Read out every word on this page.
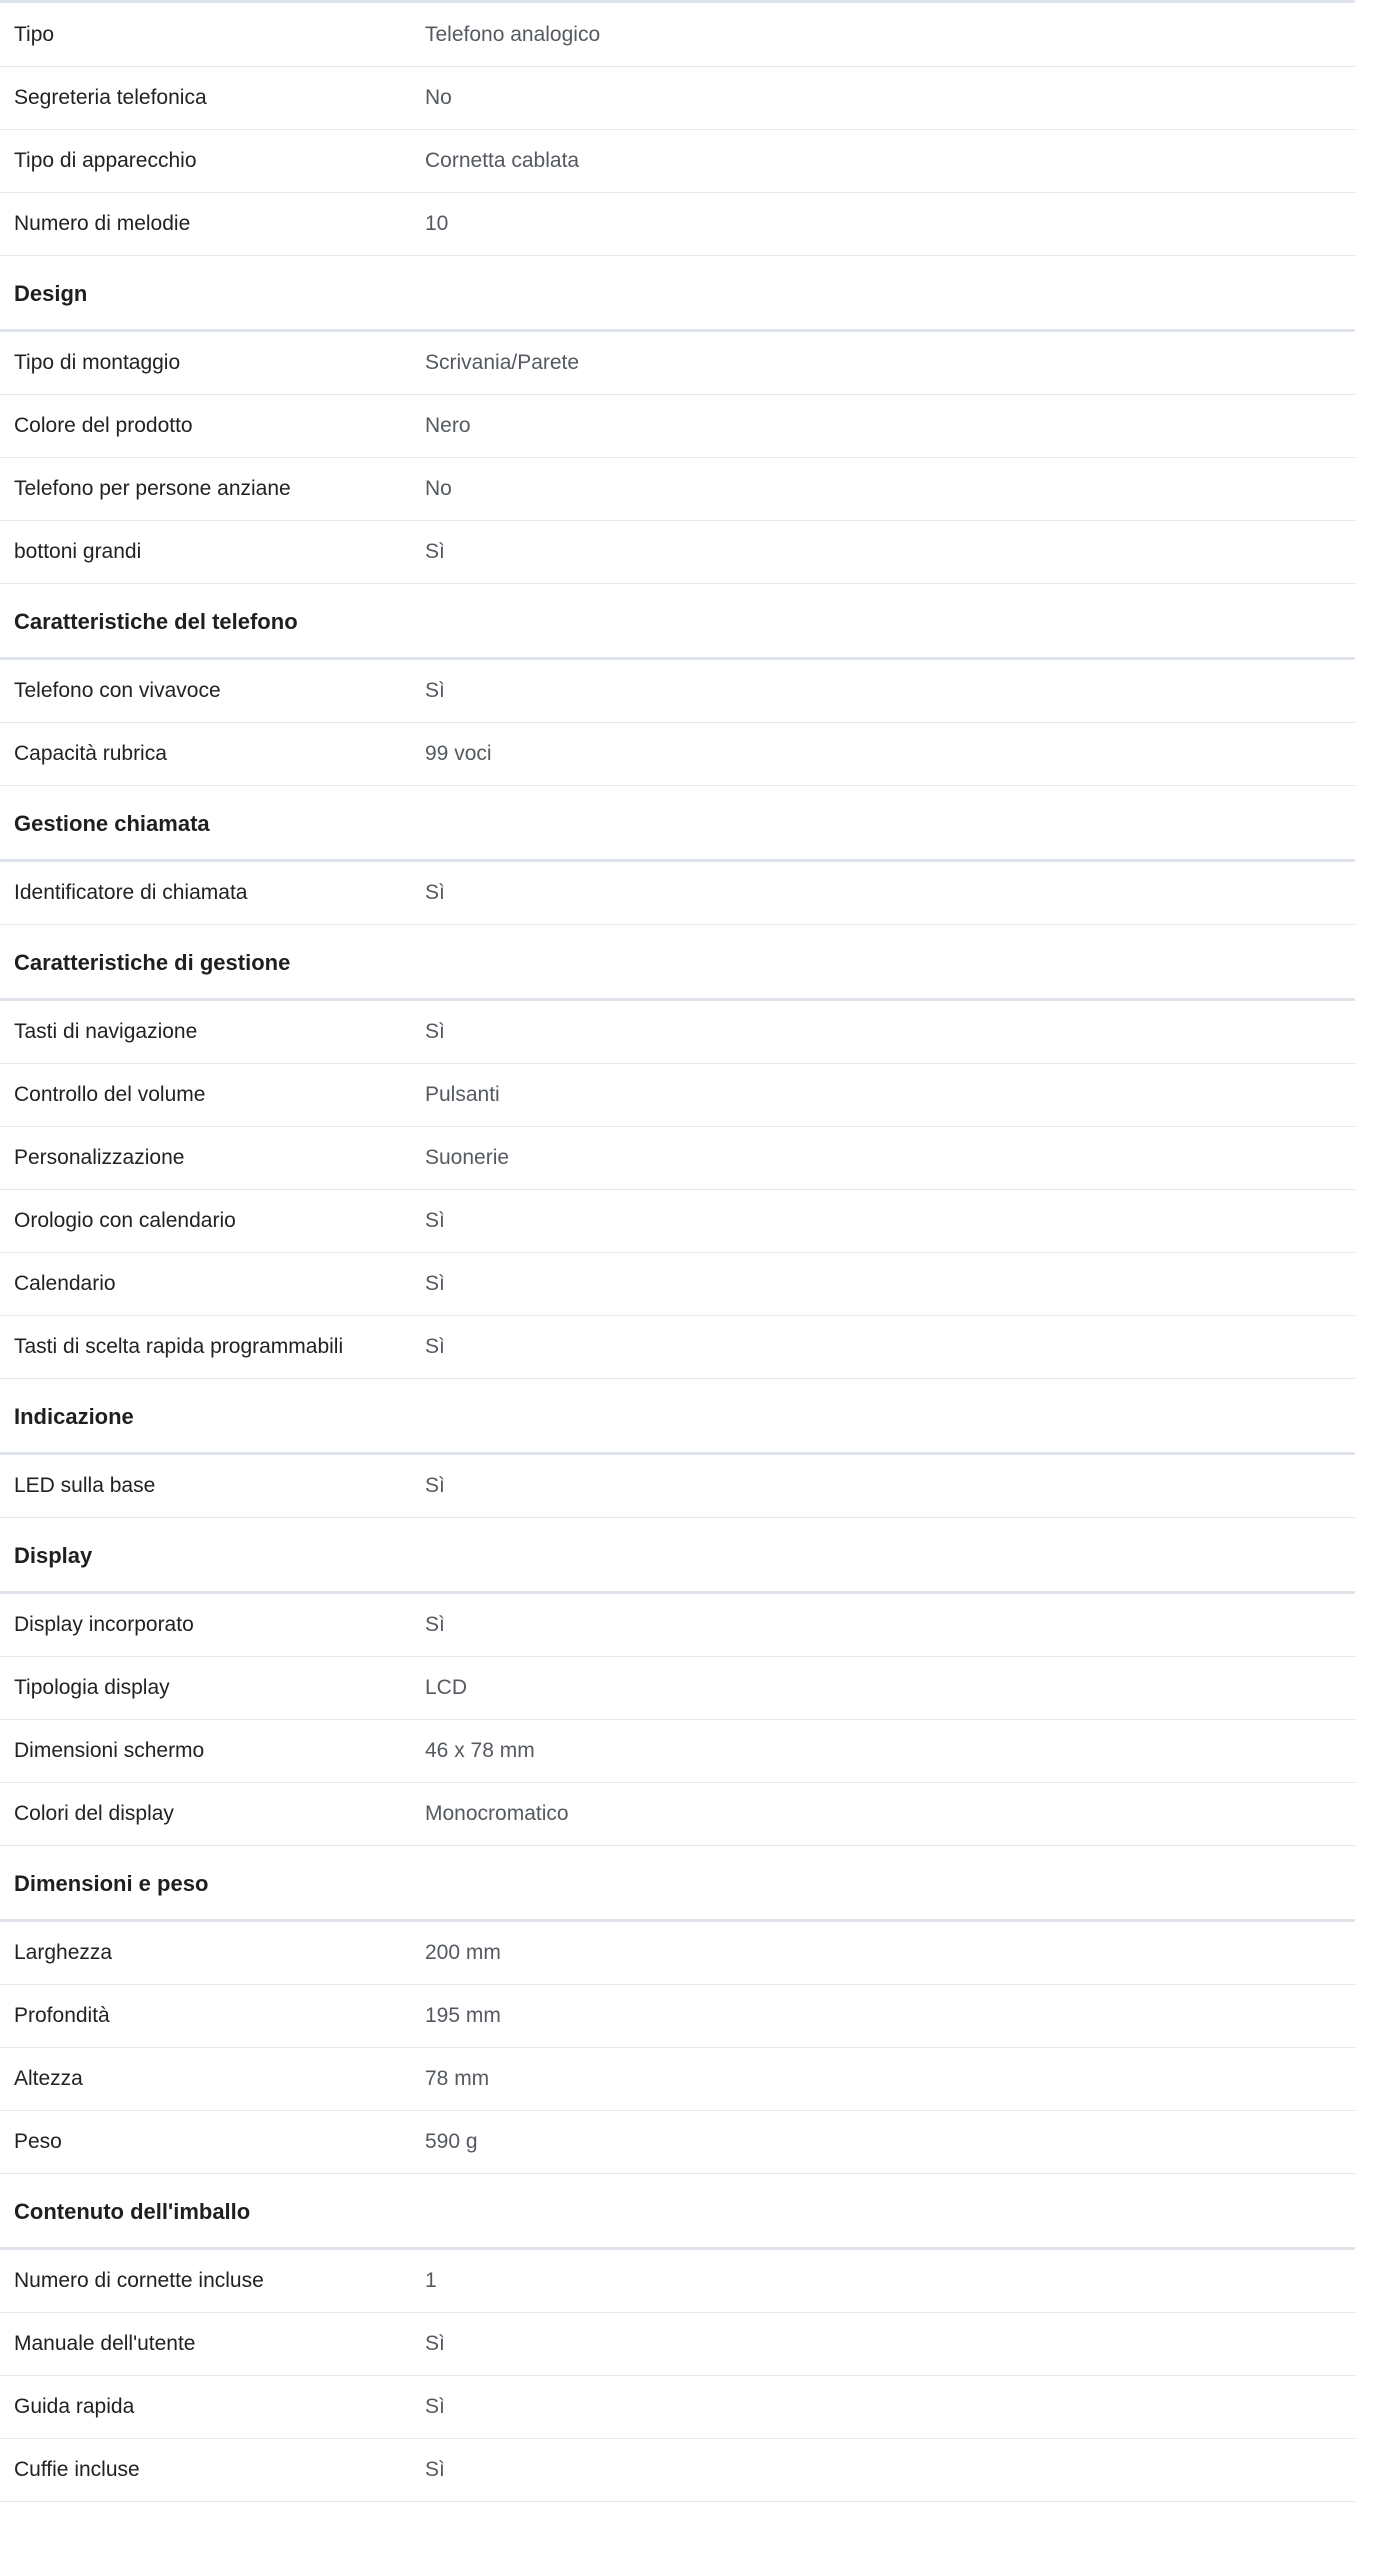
Tipo	Telefono analogico
Segreteria telefonica	No
Tipo di apparecchio	Cornetta cablata
Numero di melodie	10
Design
Tipo di montaggio	Scrivania/Parete
Colore del prodotto	Nero
Telefono per persone anziane	No
bottoni grandi	Sì
Caratteristiche del telefono
Telefono con vivavoce	Sì
Capacità rubrica	99 voci
Gestione chiamata
Identificatore di chiamata	Sì
Caratteristiche di gestione
Tasti di navigazione	Sì
Controllo del volume	Pulsanti
Personalizzazione	Suonerie
Orologio con calendario	Sì
Calendario	Sì
Tasti di scelta rapida programmabili	Sì
Indicazione
LED sulla base	Sì
Display
Display incorporato	Sì
Tipologia display	LCD
Dimensioni schermo	46 x 78 mm
Colori del display	Monocromatico
Dimensioni e peso
Larghezza	200 mm
Profondità	195 mm
Altezza	78 mm
Peso	590 g
Contenuto dell'imballo
Numero di cornette incluse	1
Manuale dell'utente	Sì
Guida rapida	Sì
Cuffie incluse	Sì
